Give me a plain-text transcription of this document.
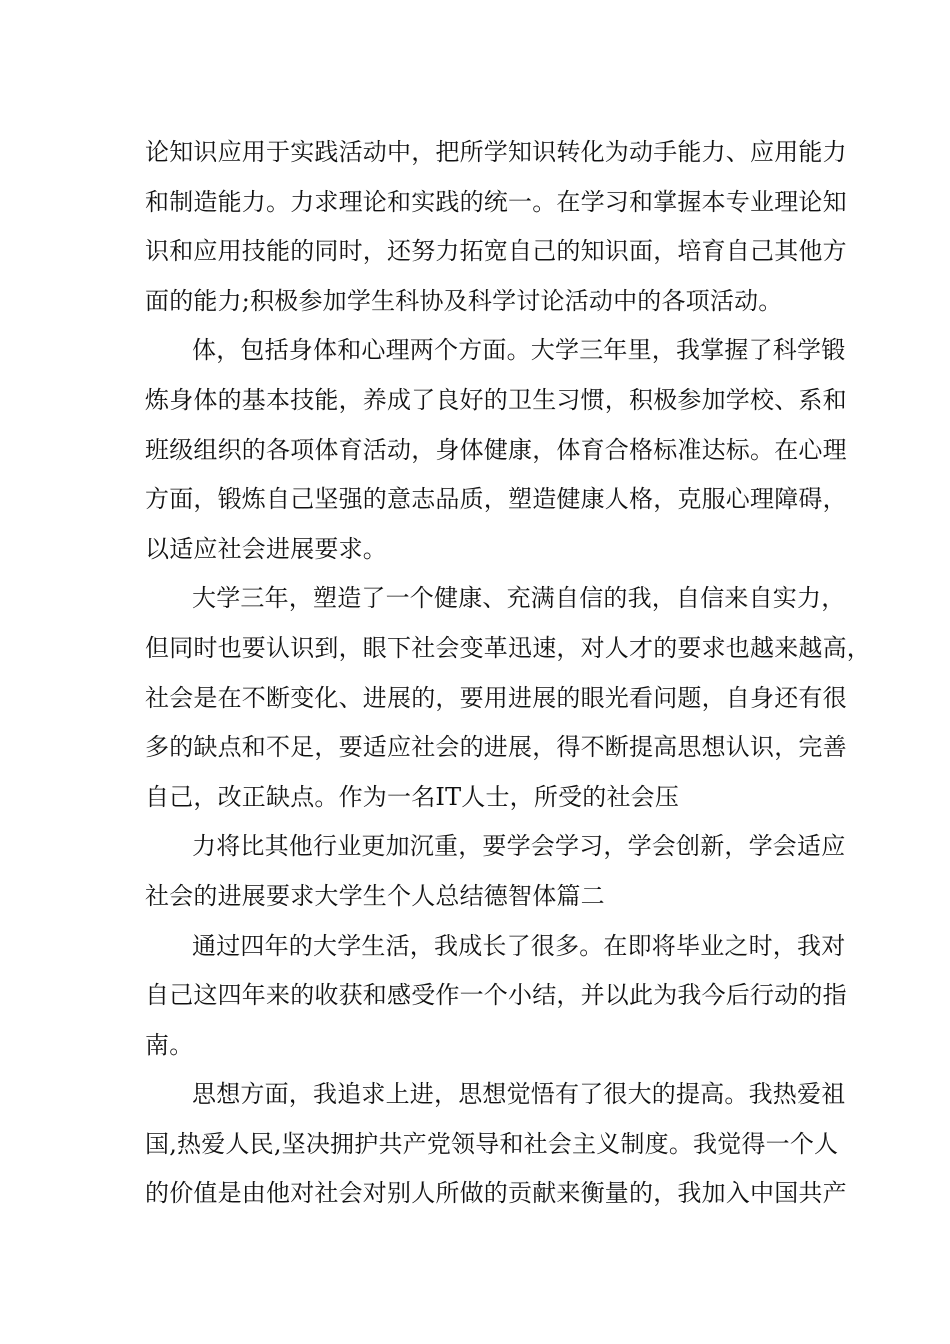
论知识应用于实践活动中，把所学知识转化为动手能力、应用能力
和制造能力。力求理论和实践的统一。在学习和掌握本专业理论知
识和应用技能的同时，还努力拓宽自己的知识面，培育自己其他方
面的能力;积极参加学生科协及科学讨论活动中的各项活动。
体，包括身体和心理两个方面。大学三年里，我掌握了科学锻
炼身体的基本技能，养成了良好的卫生习惯，积极参加学校、系和
班级组织的各项体育活动，身体健康，体育合格标准达标。在心理
方面，锻炼自己坚强的意志品质，塑造健康人格，克服心理障碍，
以适应社会进展要求。
大学三年，塑造了一个健康、充满自信的我，自信来自实力，
但同时也要认识到，眼下社会变革迅速，对人才的要求也越来越高，
社会是在不断变化、进展的，要用进展的眼光看问题，自身还有很
多的缺点和不足，要适应社会的进展，得不断提高思想认识，完善
自己，改正缺点。作为一名IT人士，所受的社会压
力将比其他行业更加沉重，要学会学习，学会创新，学会适应
社会的进展要求大学生个人总结德智体篇二
通过四年的大学生活，我成长了很多。在即将毕业之时，我对
自己这四年来的收获和感受作一个小结，并以此为我今后行动的指
南。
思想方面，我追求上进，思想觉悟有了很大的提高。我热爱祖
国,热爱人民,坚决拥护共产党领导和社会主义制度。我觉得一个人
的价值是由他对社会对别人所做的贡献来衡量的，我加入中国共产
